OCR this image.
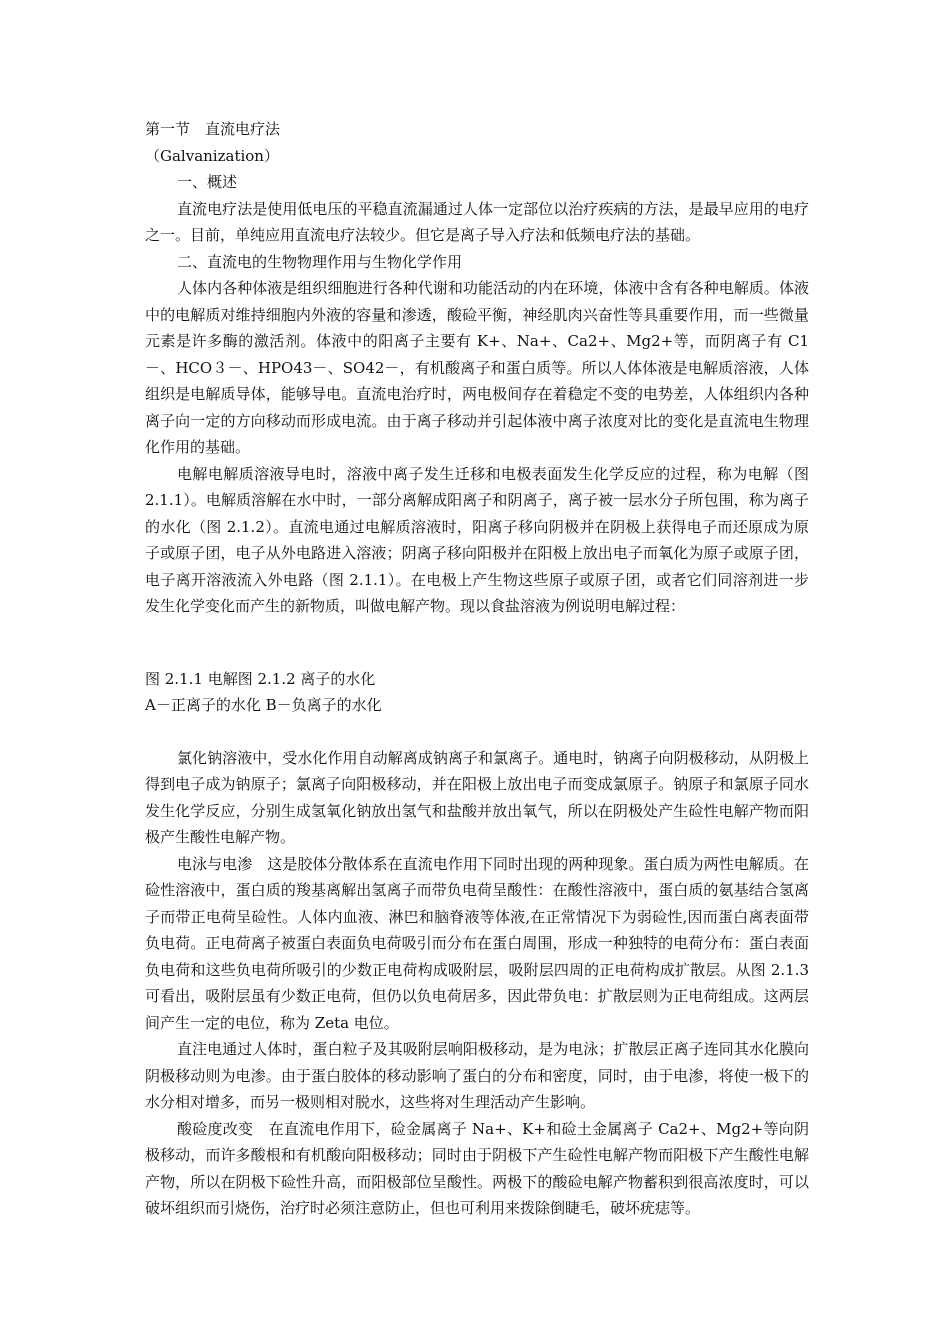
第一节　直流电疗法

（Galvanization）

一、概述

直流电疗法是使用低电压的平稳直流漏通过人体一定部位以治疗疾病的方法，是最早应用的电疗之一。目前，单纯应用直流电疗法较少。但它是离子导入疗法和低频电疗法的基础。

二、直流电的生物物理作用与生物化学作用

人体内各种体液是组织细胞进行各种代谢和功能活动的内在环境，体液中含有各种电解质。体液中的电解质对维持细胞内外液的容量和渗透，酸硷平衡，神经肌肉兴奋性等具重要作用，而一些微量元素是许多酶的激活剂。体液中的阳离子主要有 K+、Na+、Ca2+、Mg2+等，而阴离子有 C1－、HCO３－、HPO43－、SO42－，有机酸离子和蛋白质等。所以人体体液是电解质溶液，人体组织是电解质导体，能够导电。直流电治疗时，两电极间存在着稳定不变的电势差，人体组织内各种离子向一定的方向移动而形成电流。由于离子移动并引起体液中离子浓度对比的变化是直流电生物理化作用的基础。

电解电解质溶液导电时，溶液中离子发生迁移和电极表面发生化学反应的过程，称为电解（图 2.1.1）。电解质溶解在水中时，一部分离解成阳离子和阴离子，离子被一层水分子所包围，称为离子的水化（图 2.1.2）。直流电通过电解质溶液时，阳离子移向阴极并在阴极上获得电子而还原成为原子或原子团，电子从外电路进入溶液；阴离子移向阳极并在阳极上放出电子而氧化为原子或原子团，电子离开溶液流入外电路（图 2.1.1）。在电极上产生物这些原子或原子团，或者它们同溶剂进一步发生化学变化而产生的新物质，叫做电解产物。现以食盐溶液为例说明电解过程：

图 2.1.1 电解图 2.1.2 离子的水化

A－正离子的水化 B－负离子的水化

氯化钠溶液中，受水化作用自动解离成钠离子和氯离子。通电时，钠离子向阴极移动，从阴极上得到电子成为钠原子；氯离子向阳极移动，并在阳极上放出电子而变成氯原子。钠原子和氯原子同水发生化学反应，分别生成氢氧化钠放出氢气和盐酸并放出氧气，所以在阴极处产生硷性电解产物而阳极产生酸性电解产物。

电泳与电渗　这是胶体分散体系在直流电作用下同时出现的两种现象。蛋白质为两性电解质。在硷性溶液中，蛋白质的羧基离解出氢离子而带负电荷呈酸性：在酸性溶液中，蛋白质的氨基结合氢离子而带正电荷呈硷性。人体内血液、淋巴和脑脊液等体液,在正常情况下为弱硷性,因而蛋白离表面带负电荷。正电荷离子被蛋白表面负电荷吸引而分布在蛋白周围，形成一种独特的电荷分布：蛋白表面负电荷和这些负电荷所吸引的少数正电荷构成吸附层，吸附层四周的正电荷构成扩散层。从图 2.1.3 可看出，吸附层虽有少数正电荷，但仍以负电荷居多，因此带负电：扩散层则为正电荷组成。这两层间产生一定的电位，称为 Zeta 电位。

直注电通过人体时，蛋白粒子及其吸附层响阳极移动，是为电泳；扩散层正离子连同其水化膜向阴极移动则为电渗。由于蛋白胶体的移动影响了蛋白的分布和密度，同时，由于电渗，将使一极下的水分相对增多，而另一极则相对脱水，这些将对生理活动产生影响。

酸硷度改变　在直流电作用下，硷金属离子 Na+、K+和硷土金属离子 Ca2+、Mg2+等向阴极移动，而许多酸根和有机酸向阳极移动；同时由于阴极下产生硷性电解产物而阳极下产生酸性电解产物，所以在阴极下硷性升高，而阳极部位呈酸性。两极下的酸硷电解产物蓄积到很高浓度时，可以破坏组织而引烧伤，治疗时必须注意防止，但也可利用来拨除倒睫毛，破坏疣痣等。
